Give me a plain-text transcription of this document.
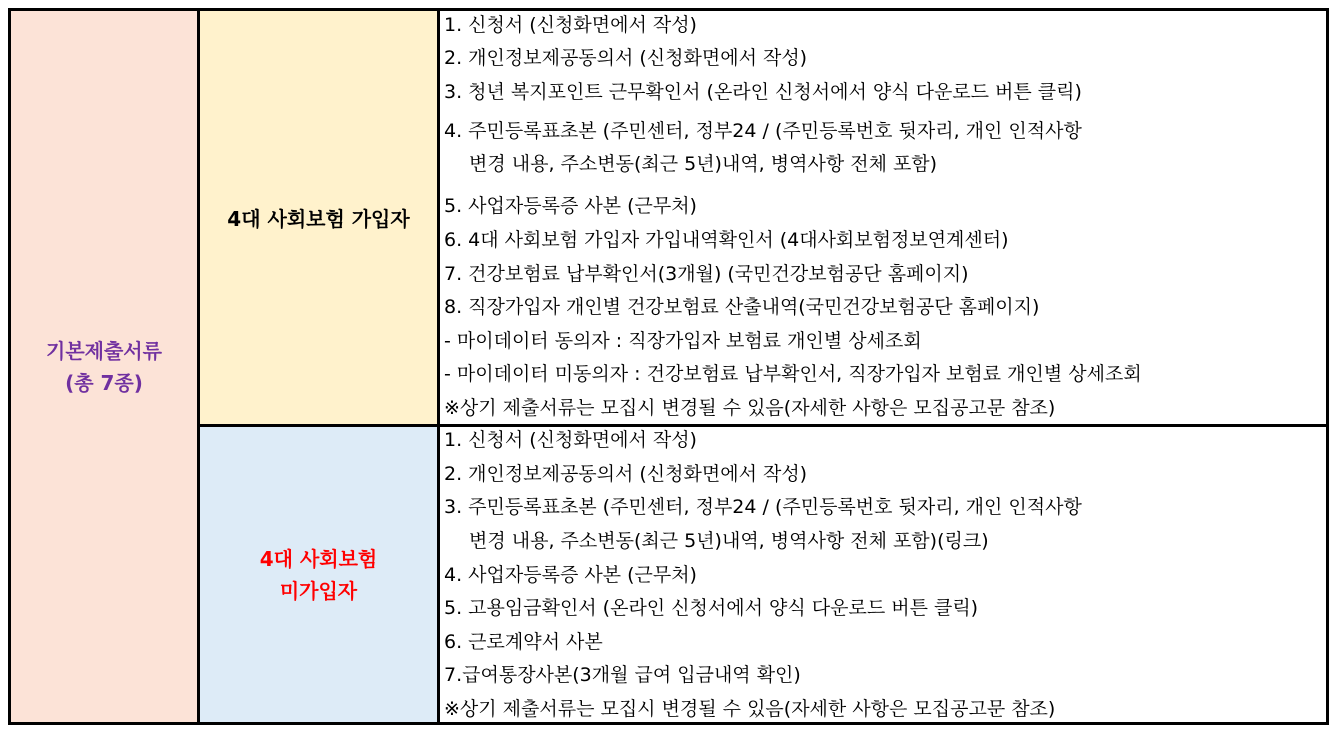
기본제출서류
(총 7종)
4대 사회보험 가입자
4대 사회보험
미가입자
1. 신청서 (신청화면에서 작성)
2. 개인정보제공동의서 (신청화면에서 작성)
3. 청년 복지포인트 근무확인서 (온라인 신청서에서 양식 다운로드 버튼 클릭)
4. 주민등록표초본 (주민센터, 정부24 / (주민등록번호 뒷자리, 개인 인적사항
변경 내용, 주소변동(최근 5년)내역, 병역사항 전체 포함)
5. 사업자등록증 사본 (근무처)
6. 4대 사회보험 가입자 가입내역확인서 (4대사회보험정보연계센터)
7. 건강보험료 납부확인서(3개월) (국민건강보험공단 홈페이지)
8. 직장가입자 개인별 건강보험료 산출내역(국민건강보험공단 홈페이지)
- 마이데이터 동의자 : 직장가입자 보험료 개인별 상세조회
- 마이데이터 미동의자 : 건강보험료 납부확인서, 직장가입자 보험료 개인별 상세조회
※상기 제출서류는 모집시 변경될 수 있음(자세한 사항은 모집공고문 참조)
1. 신청서 (신청화면에서 작성)
2. 개인정보제공동의서 (신청화면에서 작성)
3. 주민등록표초본 (주민센터, 정부24 / (주민등록번호 뒷자리, 개인 인적사항
변경 내용, 주소변동(최근 5년)내역, 병역사항 전체 포함)(링크)
4. 사업자등록증 사본 (근무처)
5. 고용임금확인서 (온라인 신청서에서 양식 다운로드 버튼 클릭)
6. 근로계약서 사본
7.급여통장사본(3개월 급여 입금내역 확인)
※상기 제출서류는 모집시 변경될 수 있음(자세한 사항은 모집공고문 참조)
